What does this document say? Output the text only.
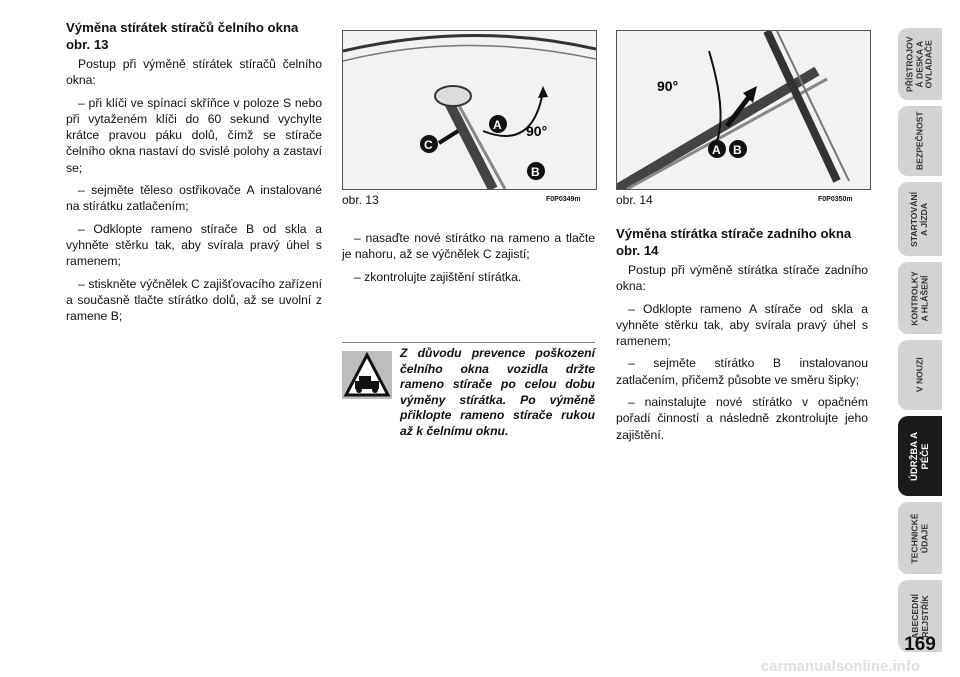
Výměna stírátek stíračů čelního okna obr. 13

Postup při výměně stírátek stíračů čelního okna:

– při klíči ve spínací skříňce v poloze S nebo při vytaženém klíči do 60 sekund vychylte krátce pravou páku dolů, čímž se stírače čelního okna nastaví do svislé polohy a zastaví se;

– sejměte těleso ostřikovače A instalované na stírátku zatlačením;

– Odklopte rameno stírače B od skla a vyhněte stěrku tak, aby svírala pravý úhel s ramenem;

– stiskněte výčnělek C zajišťovacího zařízení a současně tlačte stírátko dolů, až se uvolní z ramene B;

90°
A
B
C
obr. 13	F0P0349m
90°
A B
obr. 14	F0P0350m

– nasaďte nové stírátko na rameno a tlačte je nahoru, až se výčnělek C zajistí;

– zkontrolujte zajištění stírátka.

Z důvodu prevence poškození čelního okna vozidla držte rameno stírače po celou dobu výměny stírátka. Po výměně přiklopte rameno stírače rukou až k čelnímu oknu.
Výměna stírátka stírače zadního okna obr. 14

Postup při výměně stírátka stírače zadního okna:

– Odklopte rameno A stírače od skla a vyhněte stěrku tak, aby svírala pravý úhel s ramenem;

– sejměte stírátko B instalovanou zatlačením, přičemž působte ve směru šipky;

– nainstalujte nové stírátko v opačném pořadí činností a následně zkontrolujte jeho zajištění.

PŘÍSTROJOV
Á DESKA A
OVLADAČE
BEZPEČNOST
STARTOVÁNÍ
A JÍZDA
KONTROLKY
A HLÁŠENÍ
V NOUZI
ÚDRŽBA A
PÉČE
TECHNICKÉ
ÚDAJE
ABECEDNÍ
REJSTŘÍK
169
carmanualsonline.info
